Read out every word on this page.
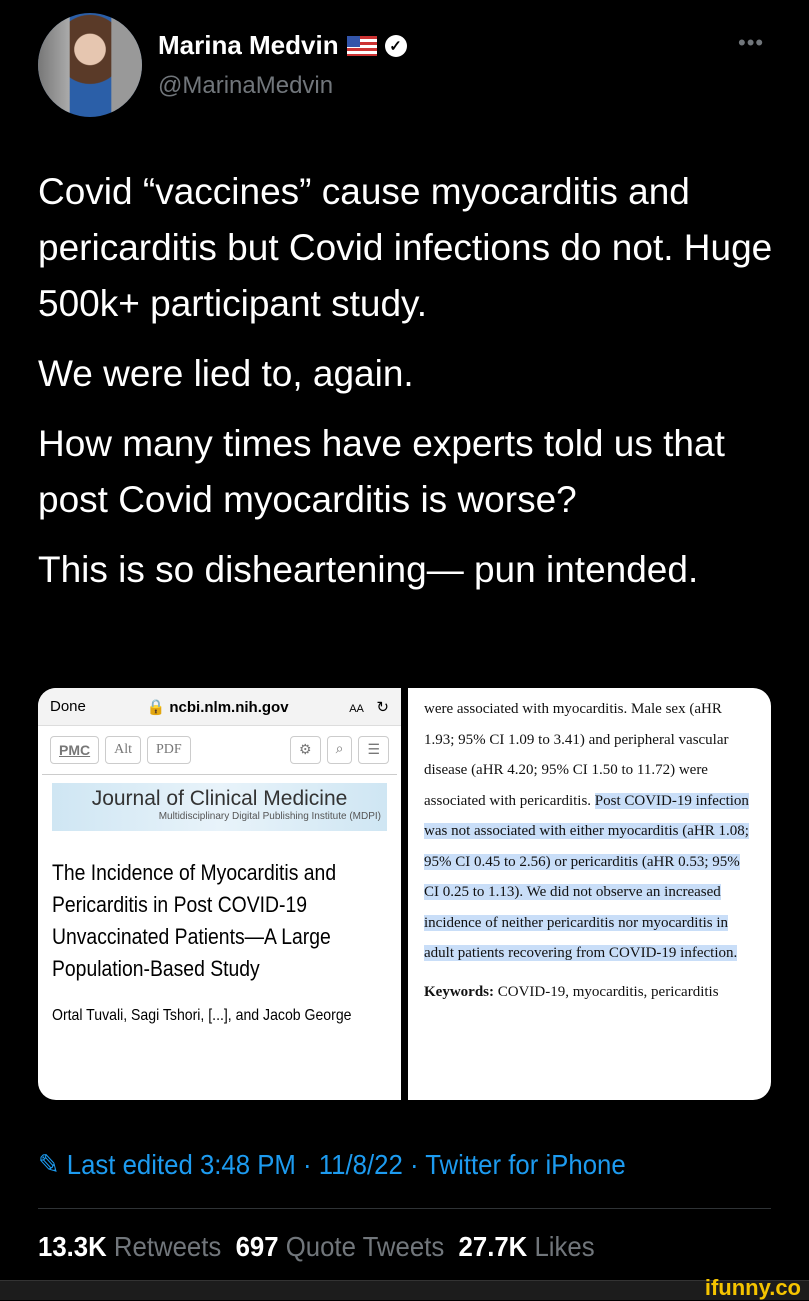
Marina Medvin	✓
@MarinaMedvin
•••

Covid “vaccines” cause myocarditis and pericarditis but Covid infections do not. Huge 500k+ participant study.

We were lied to, again.

How many times have experts told us that post Covid myocarditis is worse?

This is so disheartening— pun intended.

Done	🔒 ncbi.nlm.nih.gov	AA ↻
PMC	Alt	PDF	⚙	⌕	☰
Journal of Clinical Medicine
Multidisciplinary Digital Publishing Institute (MDPI)
The Incidence of Myocarditis and Pericarditis in Post COVID-19 Unvaccinated Patients—A Large Population-Based Study
Ortal Tuvali, Sagi Tshori, [...], and Jacob George
were associated with myocarditis. Male sex (aHR 1.93; 95% CI 1.09 to 3.41) and peripheral vascular disease (aHR 4.20; 95% CI 1.50 to 11.72) were associated with pericarditis. Post COVID-19 infection was not associated with either myocarditis (aHR 1.08; 95% CI 0.45 to 2.56) or pericarditis (aHR 0.53; 95% CI 0.25 to 1.13). We did not observe an increased incidence of neither pericarditis nor myocarditis in adult patients recovering from COVID-19 infection.
Keywords: COVID-19, myocarditis, pericarditis
✎ Last edited 3:48 PM · 11/8/22 · Twitter for iPhone
13.3K Retweets 697 Quote Tweets 27.7K Likes
ifunny.co
